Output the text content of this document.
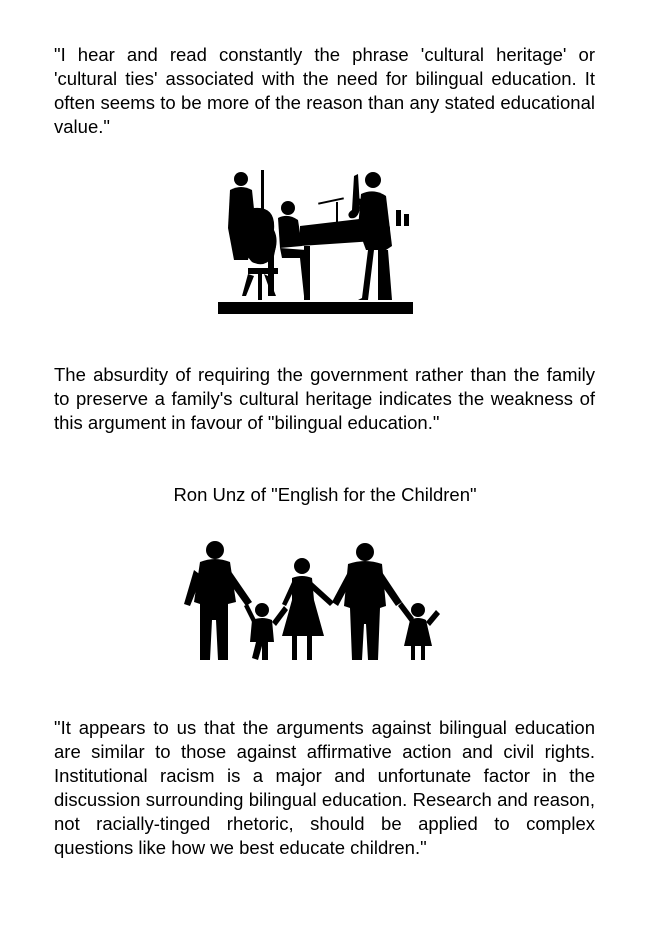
"I hear and read constantly the phrase 'cultural heritage' or 'cultural ties' associated with the need for bilingual education. It often seems to be more of the reason than any stated educational value."

The absurdity of requiring the government rather than the family to preserve a family's cultural heritage indicates the weakness of this argument in favour of "bilingual education."

Ron Unz of "English for the Children"

"It appears to us that the arguments against bilingual education are similar to those against affirmative action and civil rights. Institutional racism is a major and unfortunate factor in the discussion surrounding bilingual education. Research and reason, not racially-tinged rhetoric, should be applied to complex questions like how we best educate children."
